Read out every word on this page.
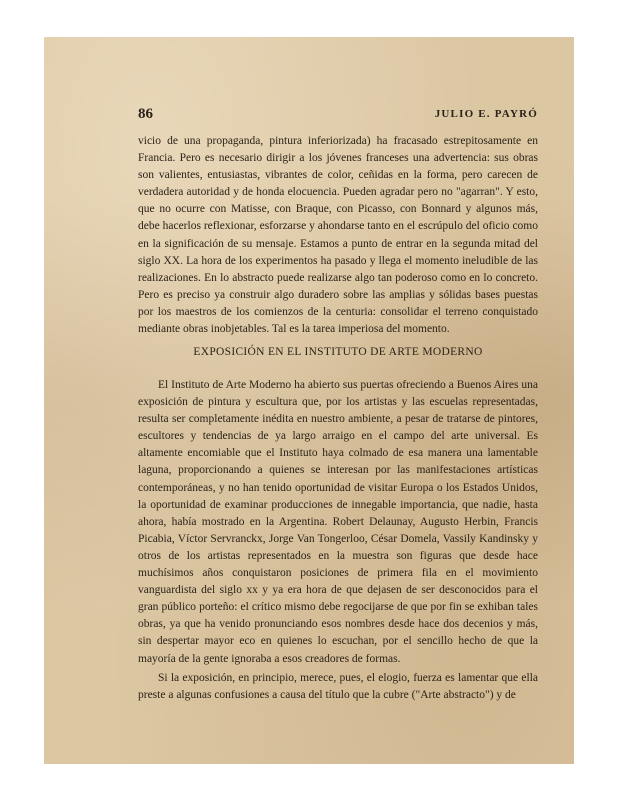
86	JULIO E. PAYRÓ

vicio de una propaganda, pintura inferiorizada) ha fracasado estrepitosamente en Francia. Pero es necesario dirigir a los jóvenes franceses una advertencia: sus obras son valientes, entusiastas, vibrantes de color, ceñidas en la forma, pero carecen de verdadera autoridad y de honda elocuencia. Pueden agradar pero no "agarran". Y esto, que no ocurre con Matisse, con Braque, con Picasso, con Bonnard y algunos más, debe hacerlos reflexionar, esforzarse y ahondarse tanto en el escrúpulo del oficio como en la significación de su mensaje. Estamos a punto de entrar en la segunda mitad del siglo XX. La hora de los experimentos ha pasado y llega el momento ineludible de las realizaciones. En lo abstracto puede realizarse algo tan poderoso como en lo concreto. Pero es preciso ya construir algo duradero sobre las amplias y sólidas bases puestas por los maestros de los comienzos de la centuria: consolidar el terreno conquistado mediante obras inobjetables. Tal es la tarea imperiosa del momento.

EXPOSICIÓN EN EL INSTITUTO DE ARTE MODERNO

El Instituto de Arte Moderno ha abierto sus puertas ofreciendo a Buenos Aires una exposición de pintura y escultura que, por los artistas y las escuelas representadas, resulta ser completamente inédita en nuestro ambiente, a pesar de tratarse de pintores, escultores y tendencias de ya largo arraigo en el campo del arte universal. Es altamente encomiable que el Instituto haya colmado de esa manera una lamentable laguna, proporcionando a quienes se interesan por las manifestaciones artísticas contemporáneas, y no han tenido oportunidad de visitar Europa o los Estados Unidos, la oportunidad de examinar producciones de innegable importancia, que nadie, hasta ahora, había mostrado en la Argentina. Robert Delaunay, Augusto Herbin, Francis Picabia, Víctor Servranckx, Jorge Van Tongerloo, César Domela, Vassily Kandinsky y otros de los artistas representados en la muestra son figuras que desde hace muchísimos años conquistaron posiciones de primera fila en el movimiento vanguardista del siglo xx y ya era hora de que dejasen de ser desconocidos para el gran público porteño: el crítico mismo debe regocijarse de que por fin se exhiban tales obras, ya que ha venido pronunciando esos nombres desde hace dos decenios y más, sin despertar mayor eco en quienes lo escuchan, por el sencillo hecho de que la mayoría de la gente ignoraba a esos creadores de formas.

Si la exposición, en principio, merece, pues, el elogio, fuerza es lamentar que ella preste a algunas confusiones a causa del título que la cubre ("Arte abstracto") y de
